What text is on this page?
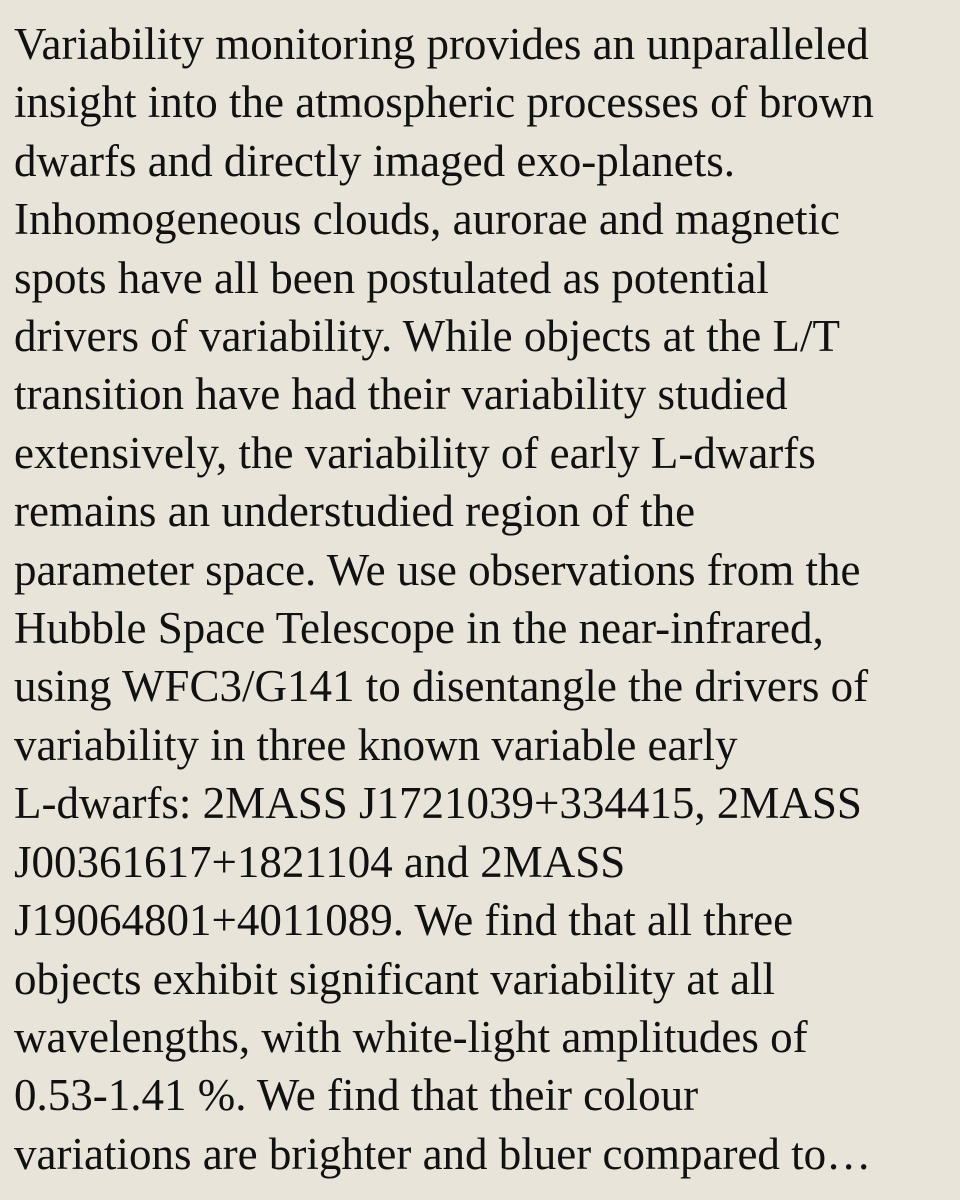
Variability monitoring provides an unparalleled
insight into the atmospheric processes of brown
dwarfs and directly imaged exo-planets.
Inhomogeneous clouds, aurorae and magnetic
spots have all been postulated as potential
drivers of variability. While objects at the L/T
transition have had their variability studied
extensively, the variability of early L-dwarfs
remains an understudied region of the
parameter space. We use observations from the
Hubble Space Telescope in the near-infrared,
using WFC3/G141 to disentangle the drivers of
variability in three known variable early
L-dwarfs: 2MASS J1721039+334415, 2MASS
J00361617+1821104 and 2MASS
J19064801+4011089. We find that all three
objects exhibit significant variability at all
wavelengths, with white-light amplitudes of
0.53-1.41 %. We find that their colour
variations are brighter and bluer compared to…
